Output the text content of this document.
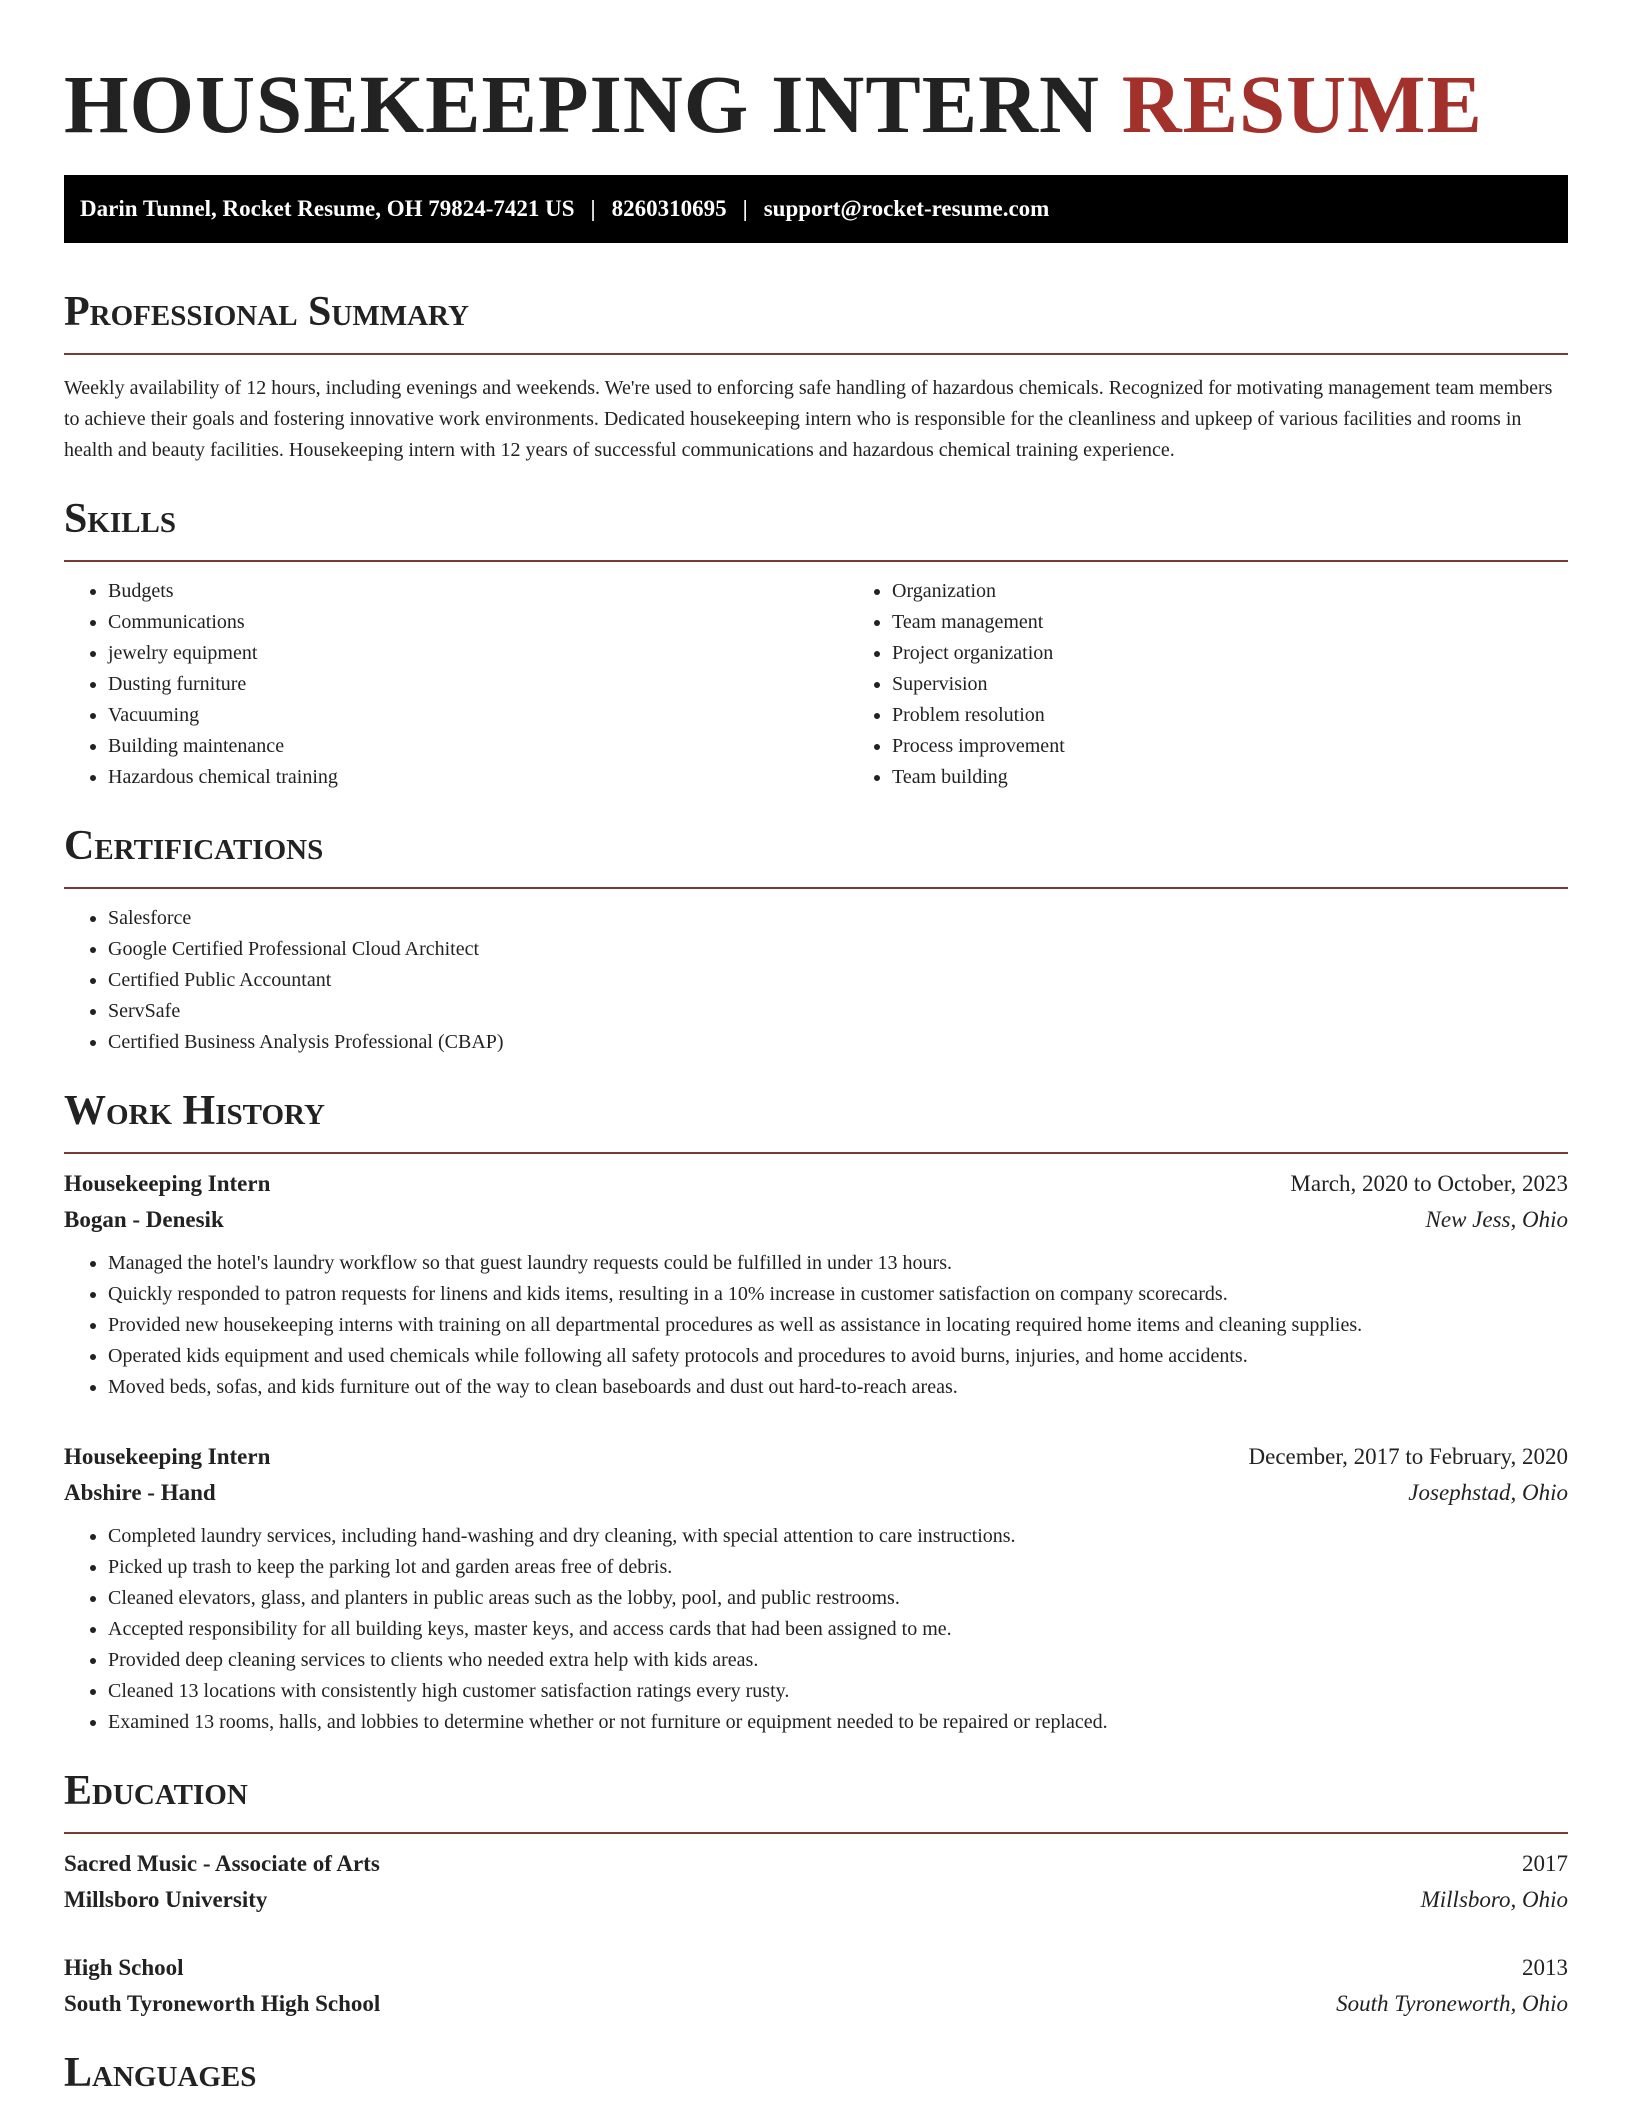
HOUSEKEEPING INTERN RESUME
Darin Tunnel, Rocket Resume, OH 79824-7421 US | 8260310695 | support@rocket-resume.com
Professional Summary

Weekly availability of 12 hours, including evenings and weekends. We're used to enforcing safe handling of hazardous chemicals. Recognized for motivating management team members to achieve their goals and fostering innovative work environments. Dedicated housekeeping intern who is responsible for the cleanliness and upkeep of various facilities and rooms in health and beauty facilities. Housekeeping intern with 12 years of successful communications and hazardous chemical training experience.

Skills
• Budgets
• Communications
• jewelry equipment
• Dusting furniture
• Vacuuming
• Building maintenance
• Hazardous chemical training
• Organization
• Team management
• Project organization
• Supervision
• Problem resolution
• Process improvement
• Team building
Certifications
• Salesforce
• Google Certified Professional Cloud Architect
• Certified Public Accountant
• ServSafe
• Certified Business Analysis Professional (CBAP)
Work History
Housekeeping Intern	March, 2020 to October, 2023
Bogan - Denesik	New Jess, Ohio
• Managed the hotel's laundry workflow so that guest laundry requests could be fulfilled in under 13 hours.
• Quickly responded to patron requests for linens and kids items, resulting in a 10% increase in customer satisfaction on company scorecards.
• Provided new housekeeping interns with training on all departmental procedures as well as assistance in locating required home items and cleaning supplies.
• Operated kids equipment and used chemicals while following all safety protocols and procedures to avoid burns, injuries, and home accidents.
• Moved beds, sofas, and kids furniture out of the way to clean baseboards and dust out hard-to-reach areas.
Housekeeping Intern	December, 2017 to February, 2020
Abshire - Hand	Josephstad, Ohio
• Completed laundry services, including hand-washing and dry cleaning, with special attention to care instructions.
• Picked up trash to keep the parking lot and garden areas free of debris.
• Cleaned elevators, glass, and planters in public areas such as the lobby, pool, and public restrooms.
• Accepted responsibility for all building keys, master keys, and access cards that had been assigned to me.
• Provided deep cleaning services to clients who needed extra help with kids areas.
• Cleaned 13 locations with consistently high customer satisfaction ratings every rusty.
• Examined 13 rooms, halls, and lobbies to determine whether or not furniture or equipment needed to be repaired or replaced.
Education
Sacred Music - Associate of Arts	2017
Millsboro University	Millsboro, Ohio
High School	2013
South Tyroneworth High School	South Tyroneworth, Ohio
Languages
